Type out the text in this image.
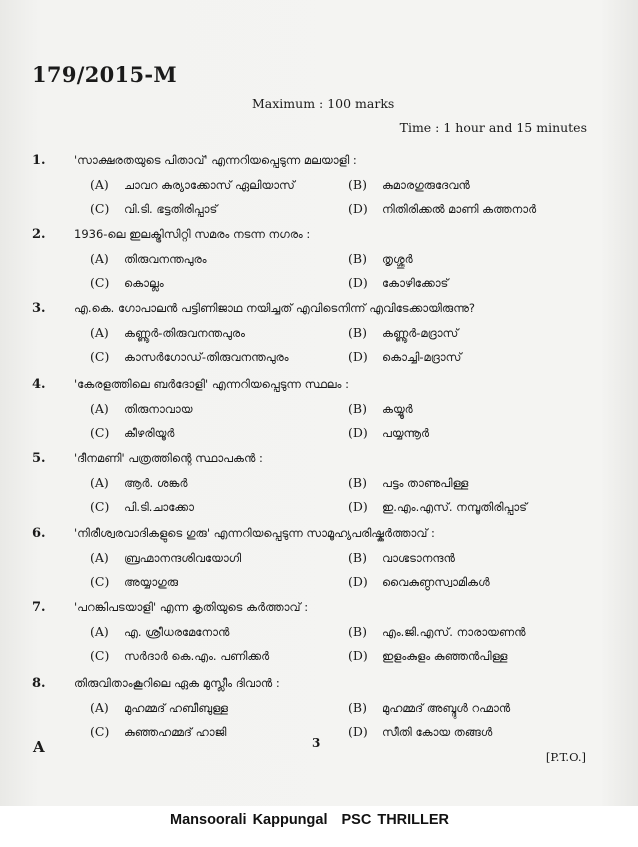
179/2015-M
Maximum : 100 marks
Time : 1 hour and 15 minutes
1. 'സാക്ഷരതയുടെ പിതാവ്' എന്നറിയപ്പെടുന്ന മലയാളി :
(A) ചാവറ കുര്യാക്കോസ് ഏലിയാസ്	(B) കുമാരഗുരുദേവൻ
(C) വി.ടി. ഭട്ടതിരിപ്പാട്	(D) നിതിരിക്കൽ മാണി കത്തനാർ
2. 1936-ലെ ഇലക്ട്രിസിറ്റി സമരം നടന്ന നഗരം :
(A) തിരുവനന്തപുരം	(B) തൃശ്ശൂർ
(C) കൊല്ലം	(D) കോഴിക്കോട്
3. എ.കെ. ഗോപാലൻ പട്ടിണിജാഥ നയിച്ചത് എവിടെനിന്ന് എവിടേക്കായിരുന്നു?
(A) കണ്ണൂർ-തിരുവനന്തപുരം	(B) കണ്ണൂർ-മദ്രാസ്
(C) കാസർഗോഡ്-തിരുവനന്തപുരം	(D) കൊച്ചി-മദ്രാസ്
4. 'കേരളത്തിലെ ബർദോളി' എന്നറിയപ്പെടുന്ന സ്ഥലം :
(A) തിരുനാവായ	(B) കയ്യൂർ
(C) കീഴരിയൂർ	(D) പയ്യന്നൂർ
5. 'ദീനമണി' പത്രത്തിന്റെ സ്ഥാപകൻ :
(A) ആർ. ശങ്കർ	(B) പട്ടം താണുപിള്ള
(C) പി.ടി.ചാക്കോ	(D) ഇ.എം.എസ്. നമ്പൂതിരിപ്പാട്
6. 'നിരീശ്വരവാദികളുടെ ഗുരു' എന്നറിയപ്പെടുന്ന സാമൂഹ്യപരിഷ്കർത്താവ് :
(A) ബ്രഹ്മാനന്ദശിവയോഗി	(B) വാഗ്ഭടാനന്ദൻ
(C) അയ്യാഗുരു	(D) വൈകുണ്ഠസ്വാമികൾ
7. 'പറങ്കിപടയാളി' എന്ന കൃതിയുടെ കർത്താവ് :
(A) എ. ശ്രീധരമേനോൻ	(B) എം.ജി.എസ്. നാരായണൻ
(C) സർദാർ കെ.എം. പണിക്കർ	(D) ഇളംകുളം കുഞ്ഞൻപിള്ള
8. തിരുവിതാംകൂറിലെ ഏക മുസ്ലീം ദിവാൻ :
(A) മുഹമ്മദ് ഹബീബുള്ള	(B) മുഹമ്മദ് അബ്ദുൾ റഹ്മാൻ
(C) കുഞ്ഞഹമ്മദ് ഹാജി	(D) സീതി കോയ തങ്ങൾ
A	3
[P.T.O.]
Mansoorali Kappungal PSC THRILLER
